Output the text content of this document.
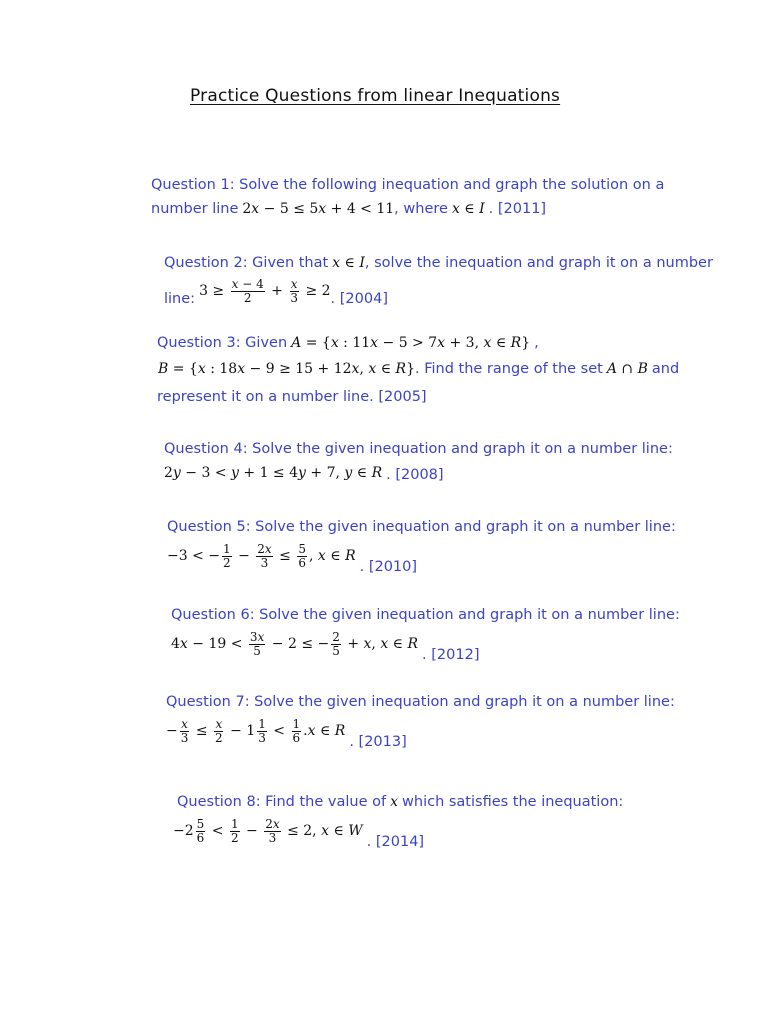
Practice Questions from linear Inequations
Question 1: Solve the following inequation and graph the solution on a
number line 2 x − 5 ≤ 5 x + 4 < 11 , where x ∈ I . [2011]
Question 2: Given that x ∈ I , solve the inequation and graph it on a number
line: $3 \ge \frac{x - 4}{2} + \frac{x}{3} \ge 2$ . [2004]
Question 3: Given A = { x : 11 x − 5 > 7 x + 3, x ∈ R } ,
B = { x : 18 x − 9 ≥ 15 + 12 x , x ∈ R } . Find the range of the set A ∩ B and
represent it on a number line. [2005]
Question 4: Solve the given inequation and graph it on a number line:
2 y − 3 < y + 1 ≤ 4 y + 7, y ∈ R . [2008]
Question 5: Solve the given inequation and graph it on a number line:
−3 < − $\frac{1}{2} - \frac{2x}{3} \le \frac{5}{6}$ , x ∈ R
. [2010]
Question 6: Solve the given inequation and graph it on a number line:
4 $x - 19 < \frac{3x}{5} - 2$ ≤ − $\frac{2}{5} + x$ , x ∈ R
. [2012]
Question 7: Solve the given inequation and graph it on a number line:
− $\frac{x}{3} \le \frac{x}{2} - 1 \frac{1}{3} < \frac{1}{6}$ . x ∈ R
. [2013]
Question 8: Find the value of x which satisfies the inequation:
− $2 \frac{5}{6} < \frac{1}{2} - \frac{2x}{3} \le 2$, x ∈ W
. [2014]
